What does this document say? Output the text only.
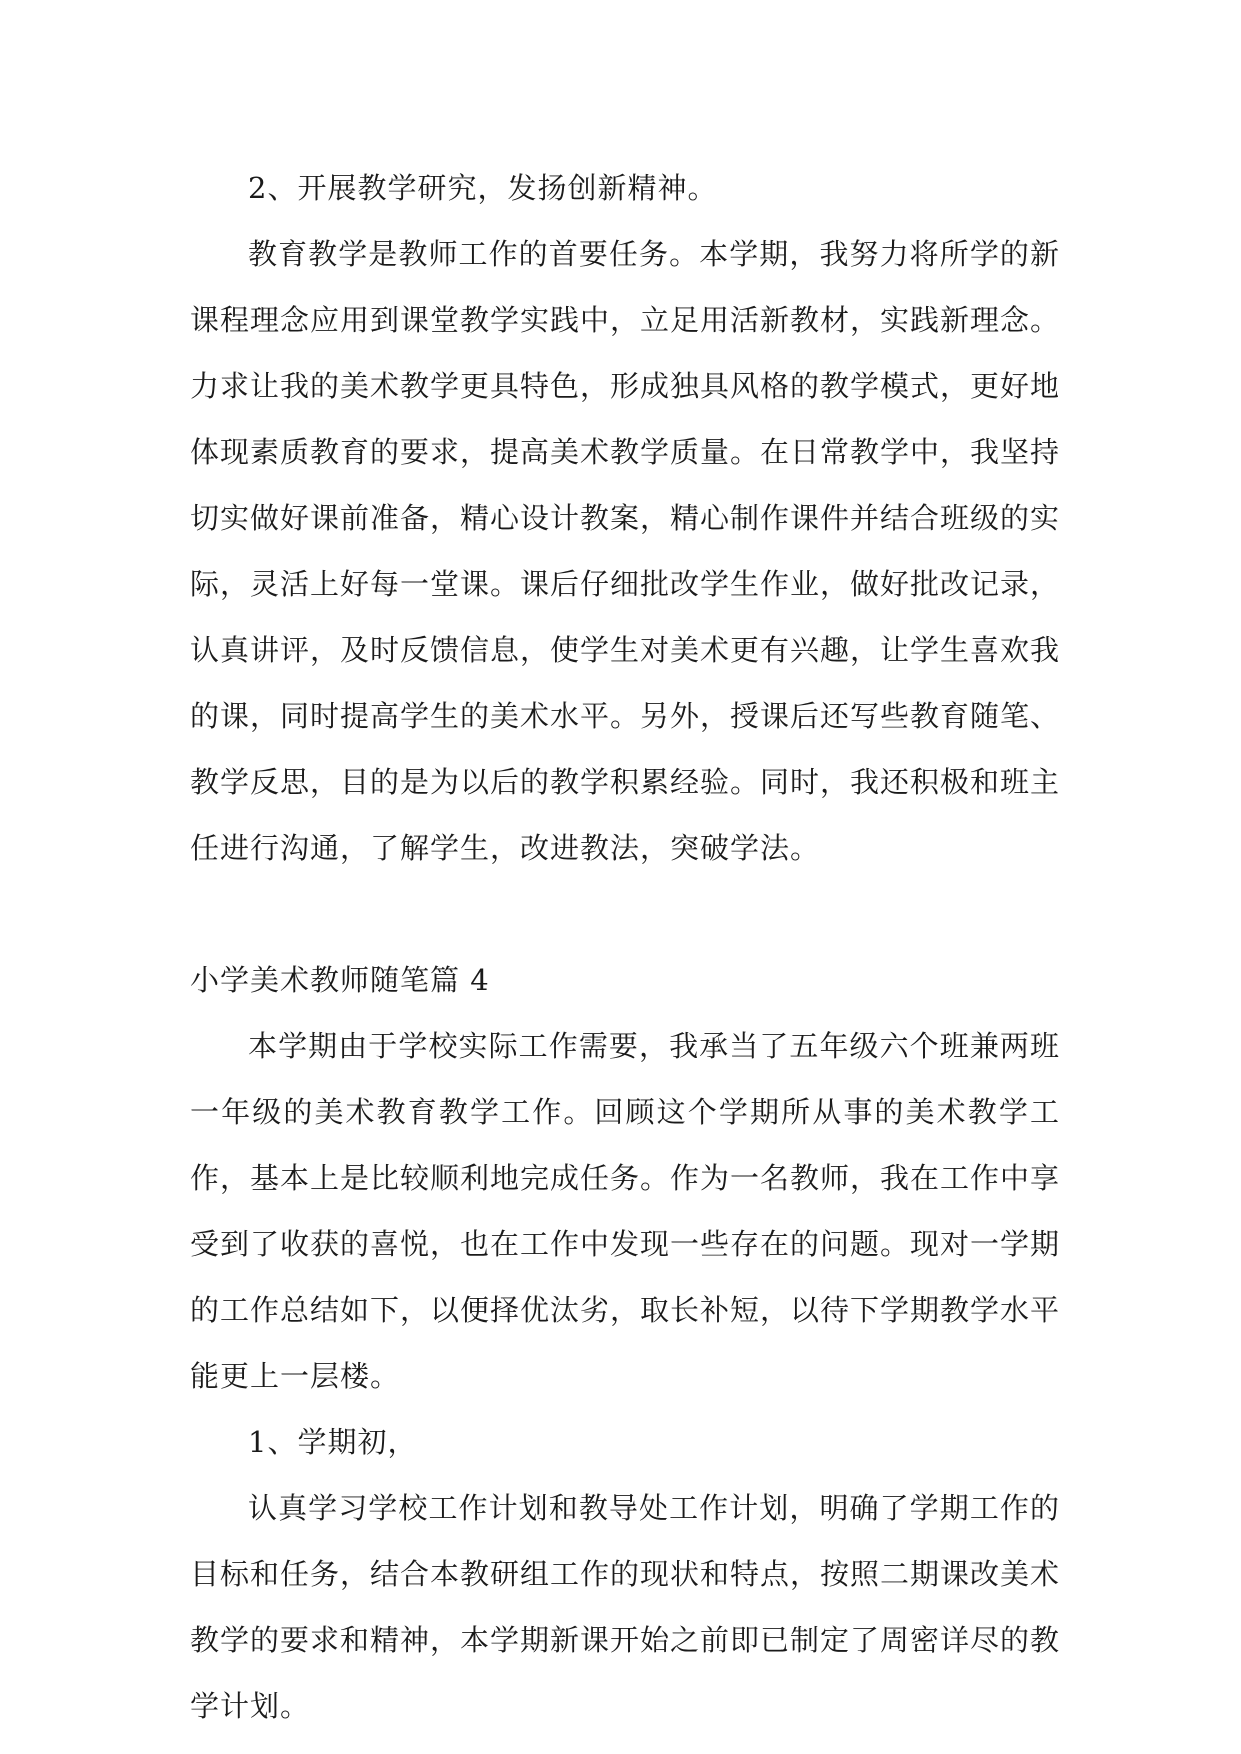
2、开展教学研究，发扬创新精神。

教育教学是教师工作的首要任务。本学期，我努力将所学的新课程理念应用到课堂教学实践中，立足用活新教材，实践新理念。力求让我的美术教学更具特色，形成独具风格的教学模式，更好地体现素质教育的要求，提高美术教学质量。在日常教学中，我坚持切实做好课前准备，精心设计教案，精心制作课件并结合班级的实际，灵活上好每一堂课。课后仔细批改学生作业，做好批改记录，认真讲评，及时反馈信息，使学生对美术更有兴趣，让学生喜欢我的课，同时提高学生的美术水平。另外，授课后还写些教育随笔、教学反思，目的是为以后的教学积累经验。同时，我还积极和班主任进行沟通，了解学生，改进教法，突破学法。

小学美术教师随笔篇 4

本学期由于学校实际工作需要，我承当了五年级六个班兼两班一年级的美术教育教学工作。回顾这个学期所从事的美术教学工作，基本上是比较顺利地完成任务。作为一名教师，我在工作中享受到了收获的喜悦，也在工作中发现一些存在的问题。现对一学期的工作总结如下，以便择优汰劣，取长补短，以待下学期教学水平能更上一层楼。

1、学期初，

认真学习学校工作计划和教导处工作计划，明确了学期工作的目标和任务，结合本教研组工作的现状和特点，按照二期课改美术教学的要求和精神，本学期新课开始之前即已制定了周密详尽的教学计划。
